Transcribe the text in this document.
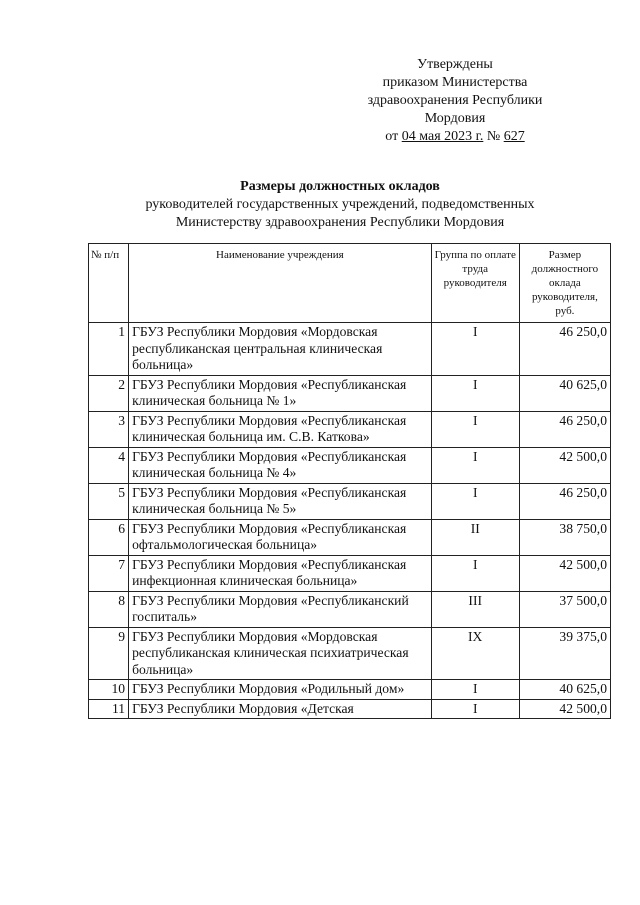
Утверждены
приказом Министерства
здравоохранения Республики
Мордовия
от 04 мая 2023 г. № 627
Размеры должностных окладов
руководителей государственных учреждений, подведомственных
Министерству здравоохранения Республики Мордовия
№ п/п	Наименование учреждения	Группа по оплате труда руководителя	Размер должностного оклада руководителя, руб.
1	ГБУЗ Республики Мордовия «Мордовская республиканская центральная клиническая больница»	I	46 250,0
2	ГБУЗ Республики Мордовия «Республиканская клиническая больница № 1»	I	40 625,0
3	ГБУЗ Республики Мордовия «Республиканская клиническая больница им. С.В. Каткова»	I	46 250,0
4	ГБУЗ Республики Мордовия «Республиканская клиническая больница № 4»	I	42 500,0
5	ГБУЗ Республики Мордовия «Республиканская клиническая больница № 5»	I	46 250,0
6	ГБУЗ Республики Мордовия «Республиканская офтальмологическая больница»	II	38 750,0
7	ГБУЗ Республики Мордовия «Республиканская инфекционная клиническая больница»	I	42 500,0
8	ГБУЗ Республики Мордовия «Республиканский госпиталь»	III	37 500,0
9	ГБУЗ Республики Мордовия «Мордовская республиканская клиническая психиатрическая больница»	IX	39 375,0
10	ГБУЗ Республики Мордовия «Родильный дом»	I	40 625,0
11	ГБУЗ Республики Мордовия «Детская	I	42 500,0
